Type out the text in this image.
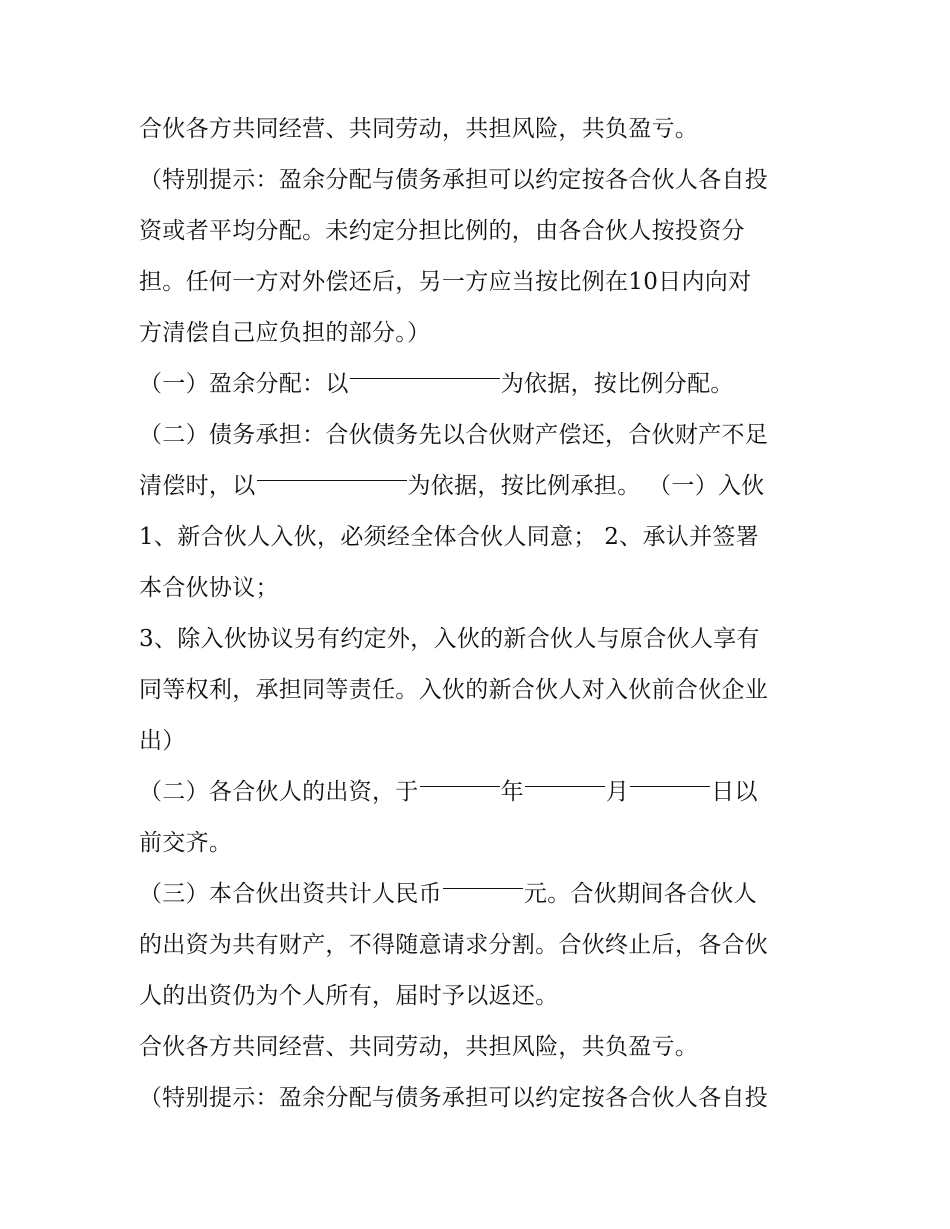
合伙各方共同经营、共同劳动，共担风险，共负盈亏。
（特别提示：盈余分配与债务承担可以约定按各合伙人各自投
资或者平均分配。未约定分担比例的，由各合伙人按投资分
担。任何一方对外偿还后，另一方应当按比例在10日内向对
方清偿自己应负担的部分。）
（一）盈余分配：以	为依据，按比例分配。
（二）债务承担：合伙债务先以合伙财产偿还，合伙财产不足
清偿时，以	为依据，按比例承担。 （一）入伙
1、新合伙人入伙，必须经全体合伙人同意； 2、承认并签署
本合伙协议；
3、除入伙协议另有约定外，入伙的新合伙人与原合伙人享有
同等权利，承担同等责任。入伙的新合伙人对入伙前合伙企业
出）
（二）各合伙人的出资，于	年	月	日以
前交齐。
（三）本合伙出资共计人民币	元。合伙期间各合伙人
的出资为共有财产，不得随意请求分割。合伙终止后，各合伙
人的出资仍为个人所有，届时予以返还。
合伙各方共同经营、共同劳动，共担风险，共负盈亏。
（特别提示：盈余分配与债务承担可以约定按各合伙人各自投
